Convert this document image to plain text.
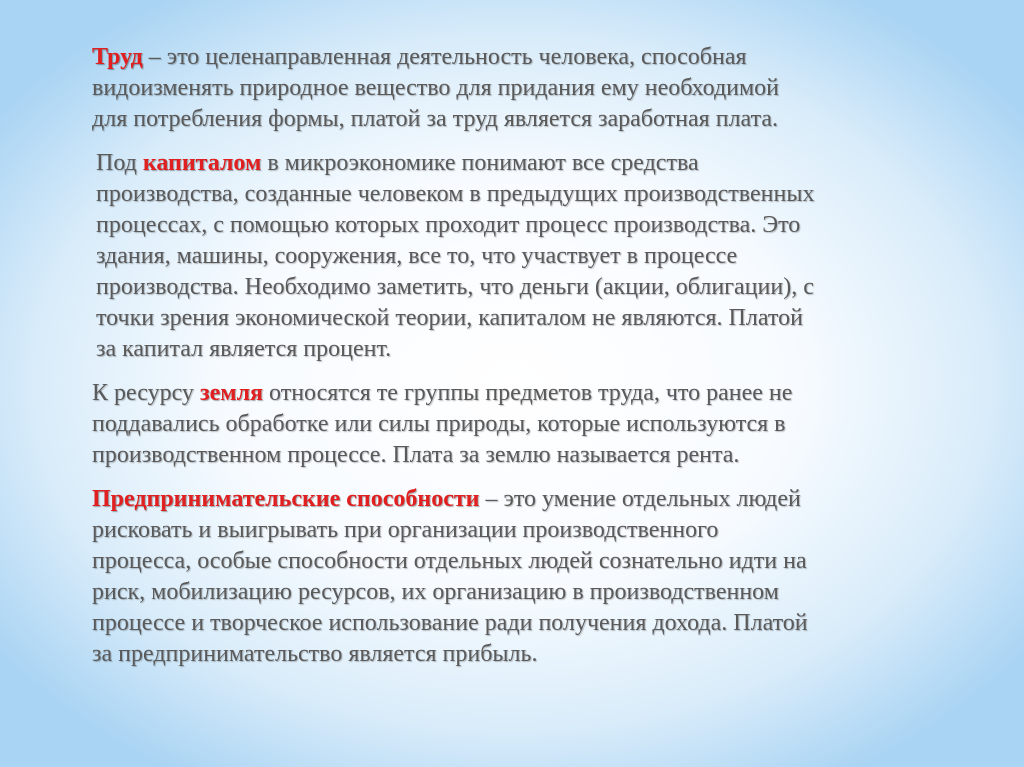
Труд – это целенаправленная деятельность человека, способная
видоизменять природное вещество для придания ему необходимой
для потребления формы, платой за труд является заработная плата.

Под капиталом в микроэкономике понимают все средства
производства, созданные человеком в предыдущих производственных
процессах, с помощью которых проходит процесс производства. Это
здания, машины, сооружения, все то, что участвует в процессе
производства. Необходимо заметить, что деньги (акции, облигации), с
точки зрения экономической теории, капиталом не являются. Платой
за капитал является процент.

К ресурсу земля относятся те группы предметов труда, что ранее не
поддавались обработке или силы природы, которые используются в
производственном процессе. Плата за землю называется рента.

Предпринимательские способности – это умение отдельных людей
рисковать и выигрывать при организации производственного
процесса, особые способности отдельных людей сознательно идти на
риск, мобилизацию ресурсов, их организацию в производственном
процессе и творческое использование ради получения дохода. Платой
за предпринимательство является прибыль.
